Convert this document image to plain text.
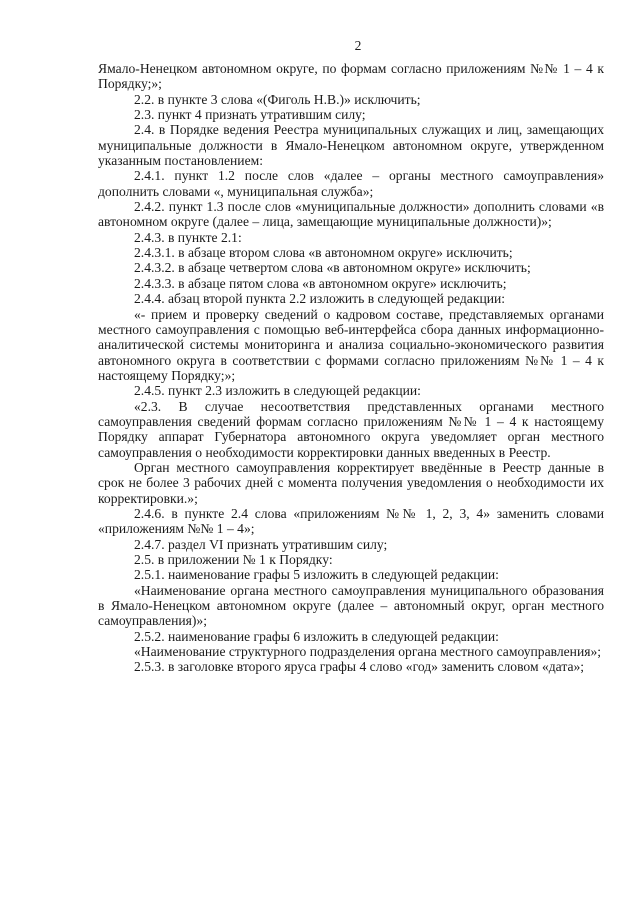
2

Ямало-Ненецком автономном округе, по формам согласно приложениям №№ 1 – 4 к Порядку;»;

2.2. в пункте 3 слова «(Фиголь Н.В.)» исключить;

2.3. пункт 4 признать утратившим силу;

2.4. в Порядке ведения Реестра муниципальных служащих и лиц, замещающих муниципальные должности в Ямало-Ненецком автономном округе, утвержденном указанным постановлением:

2.4.1. пункт 1.2 после слов «далее – органы местного самоуправления» дополнить словами «, муниципальная служба»;

2.4.2. пункт 1.3 после слов «муниципальные должности» дополнить словами «в автономном округе (далее – лица, замещающие муниципальные должности)»;

2.4.3. в пункте 2.1:

2.4.3.1. в абзаце втором слова «в автономном округе» исключить;

2.4.3.2. в абзаце четвертом слова «в автономном округе» исключить;

2.4.3.3. в абзаце пятом слова «в автономном округе» исключить;

2.4.4. абзац второй пункта 2.2 изложить в следующей редакции:

«- прием и проверку сведений о кадровом составе, представляемых органами местного самоуправления с помощью веб-интерфейса сбора данных информационно-аналитической системы мониторинга и анализа социально-экономического развития автономного округа в соответствии с формами согласно приложениям №№ 1 – 4 к настоящему Порядку;»;

2.4.5. пункт 2.3 изложить в следующей редакции:

«2.3. В случае несоответствия представленных органами местного самоуправления сведений формам согласно приложениям №№ 1 – 4 к настоящему Порядку аппарат Губернатора автономного округа уведомляет орган местного самоуправления о необходимости корректировки данных введенных в Реестр.

Орган местного самоуправления корректирует введённые в Реестр данные в срок не более 3 рабочих дней с момента получения уведомления о необходимости их корректировки.»;

2.4.6. в пункте 2.4 слова «приложениям №№ 1, 2, 3, 4» заменить словами «приложениям №№ 1 – 4»;

2.4.7. раздел VI признать утратившим силу;

2.5. в приложении № 1 к Порядку:

2.5.1. наименование графы 5 изложить в следующей редакции:

«Наименование органа местного самоуправления муниципального образования в Ямало-Ненецком автономном округе (далее – автономный округ, орган местного самоуправления)»;

2.5.2. наименование графы 6 изложить в следующей редакции:

«Наименование структурного подразделения органа местного самоуправления»;

2.5.3. в заголовке второго яруса графы 4 слово «год» заменить словом «дата»;
